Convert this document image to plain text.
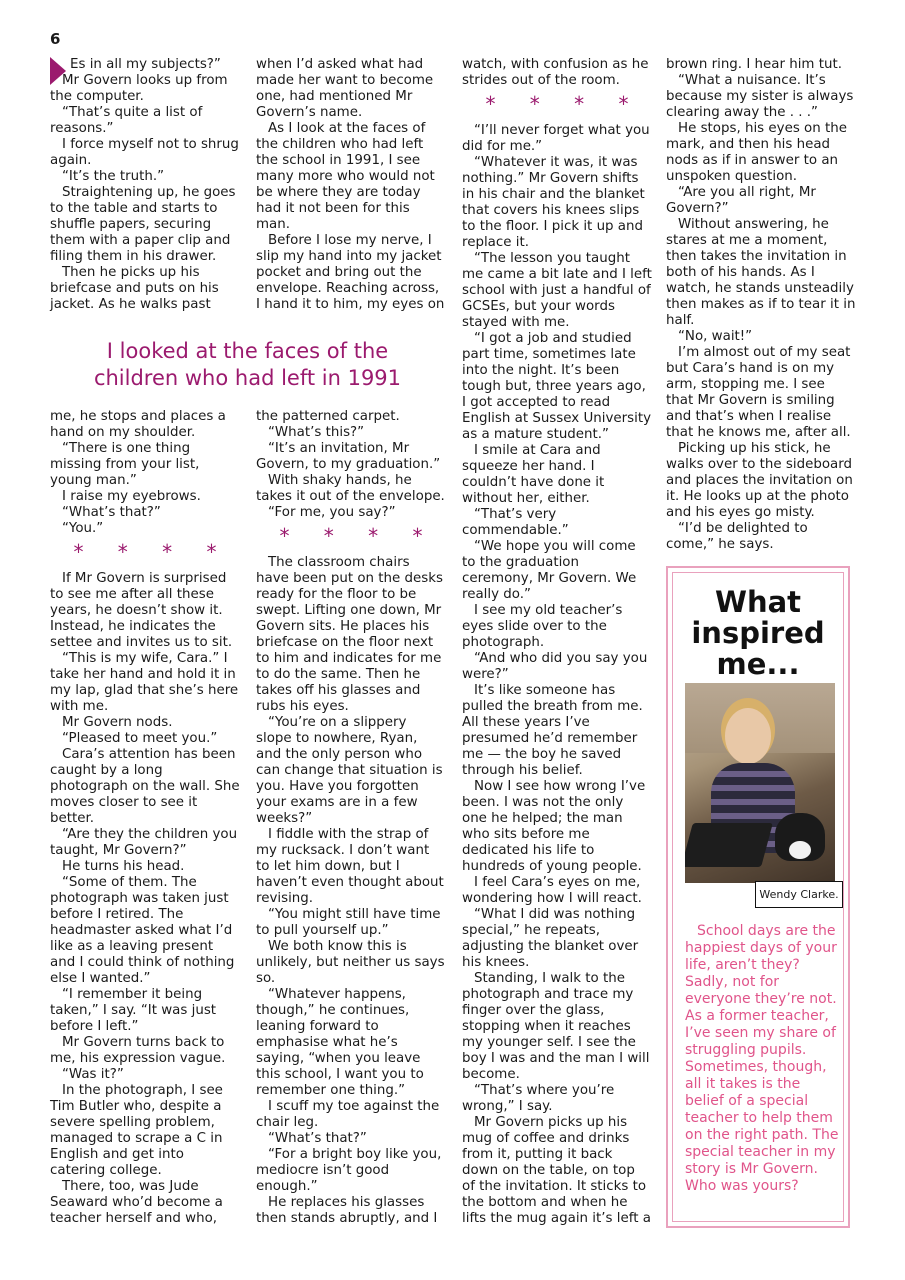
6

Es in all my subjects?”

Mr Govern looks up from the computer.

“That’s quite a list of reasons.”

I force myself not to shrug again.

“It’s the truth.”

Straightening up, he goes to the table and starts to shuffle papers, securing them with a paper clip and filing them in his drawer.

Then he picks up his briefcase and puts on his jacket. As he walks past

when I’d asked what had made her want to become one, had mentioned Mr Govern’s name.

As I look at the faces of the children who had left the school in 1991, I see many more who would not be where they are today had it not been for this man.

Before I lose my nerve, I slip my hand into my jacket pocket and bring out the envelope. Reaching across, I hand it to him, my eyes on

I looked at the faces of the
children who had left in 1991

me, he stops and places a hand on my shoulder.

“There is one thing missing from your list, young man.”

I raise my eyebrows.

“What’s that?”

“You.”

* * * *

If Mr Govern is surprised to see me after all these years, he doesn’t show it. Instead, he indicates the settee and invites us to sit.

“This is my wife, Cara.” I take her hand and hold it in my lap, glad that she’s here with me.

Mr Govern nods.

“Pleased to meet you.”

Cara’s attention has been caught by a long photograph on the wall. She moves closer to see it better.

“Are they the children you taught, Mr Govern?”

He turns his head.

“Some of them. The photograph was taken just before I retired. The headmaster asked what I’d like as a leaving present and I could think of nothing else I wanted.”

“I remember it being taken,” I say. “It was just before I left.”

Mr Govern turns back to me, his expression vague.

“Was it?”

In the photograph, I see Tim Butler who, despite a severe spelling problem, managed to scrape a C in English and get into catering college.

There, too, was Jude Seaward who’d become a teacher herself and who,

the patterned carpet.

“What’s this?”

“It’s an invitation, Mr Govern, to my graduation.”

With shaky hands, he takes it out of the envelope.

“For me, you say?”

* * * *

The classroom chairs have been put on the desks ready for the floor to be swept. Lifting one down, Mr Govern sits. He places his briefcase on the floor next to him and indicates for me to do the same. Then he takes off his glasses and rubs his eyes.

“You’re on a slippery slope to nowhere, Ryan, and the only person who can change that situation is you. Have you forgotten your exams are in a few weeks?”

I fiddle with the strap of my rucksack. I don’t want to let him down, but I haven’t even thought about revising.

“You might still have time to pull yourself up.”

We both know this is unlikely, but neither us says so.

“Whatever happens, though,” he continues, leaning forward to emphasise what he’s saying, “when you leave this school, I want you to remember one thing.”

I scuff my toe against the chair leg.

“What’s that?”

“For a bright boy like you, mediocre isn’t good enough.”

He replaces his glasses then stands abruptly, and I

watch, with confusion as he strides out of the room.

* * * *

“I’ll never forget what you did for me.”

“Whatever it was, it was nothing.” Mr Govern shifts in his chair and the blanket that covers his knees slips to the floor. I pick it up and replace it.

“The lesson you taught me came a bit late and I left school with just a handful of GCSEs, but your words stayed with me.

“I got a job and studied part time, sometimes late into the night. It’s been tough but, three years ago, I got accepted to read English at Sussex University as a mature student.”

I smile at Cara and squeeze her hand. I couldn’t have done it without her, either.

“That’s very commendable.”

“We hope you will come to the graduation ceremony, Mr Govern. We really do.”

I see my old teacher’s eyes slide over to the photograph.

“And who did you say you were?”

It’s like someone has pulled the breath from me. All these years I’ve presumed he’d remember me — the boy he saved through his belief.

Now I see how wrong I’ve been. I was not the only one he helped; the man who sits before me dedicated his life to hundreds of young people.

I feel Cara’s eyes on me, wondering how I will react.

“What I did was nothing special,” he repeats, adjusting the blanket over his knees.

Standing, I walk to the photograph and trace my finger over the glass, stopping when it reaches my younger self. I see the boy I was and the man I will become.

“That’s where you’re wrong,” I say.

Mr Govern picks up his mug of coffee and drinks from it, putting it back down on the table, on top of the invitation. It sticks to the bottom and when he lifts the mug again it’s left a

brown ring. I hear him tut.

“What a nuisance. It’s because my sister is always clearing away the . . .”

He stops, his eyes on the mark, and then his head nods as if in answer to an unspoken question.

“Are you all right, Mr Govern?”

Without answering, he stares at me a moment, then takes the invitation in both of his hands. As I watch, he stands unsteadily then makes as if to tear it in half.

“No, wait!”

I’m almost out of my seat but Cara’s hand is on my arm, stopping me. I see that Mr Govern is smiling and that’s when I realise that he knows me, after all.

Picking up his stick, he walks over to the sideboard and places the invitation on it. He looks up at the photo and his eyes go misty.

“I’d be delighted to come,” he says.

What
inspired
me...
Wendy Clarke.

School days are the happiest days of your life, aren’t they? Sadly, not for everyone they’re not. As a former teacher, I’ve seen my share of struggling pupils. Sometimes, though, all it takes is the belief of a special teacher to help them on the right path. The special teacher in my story is Mr Govern. Who was yours?
